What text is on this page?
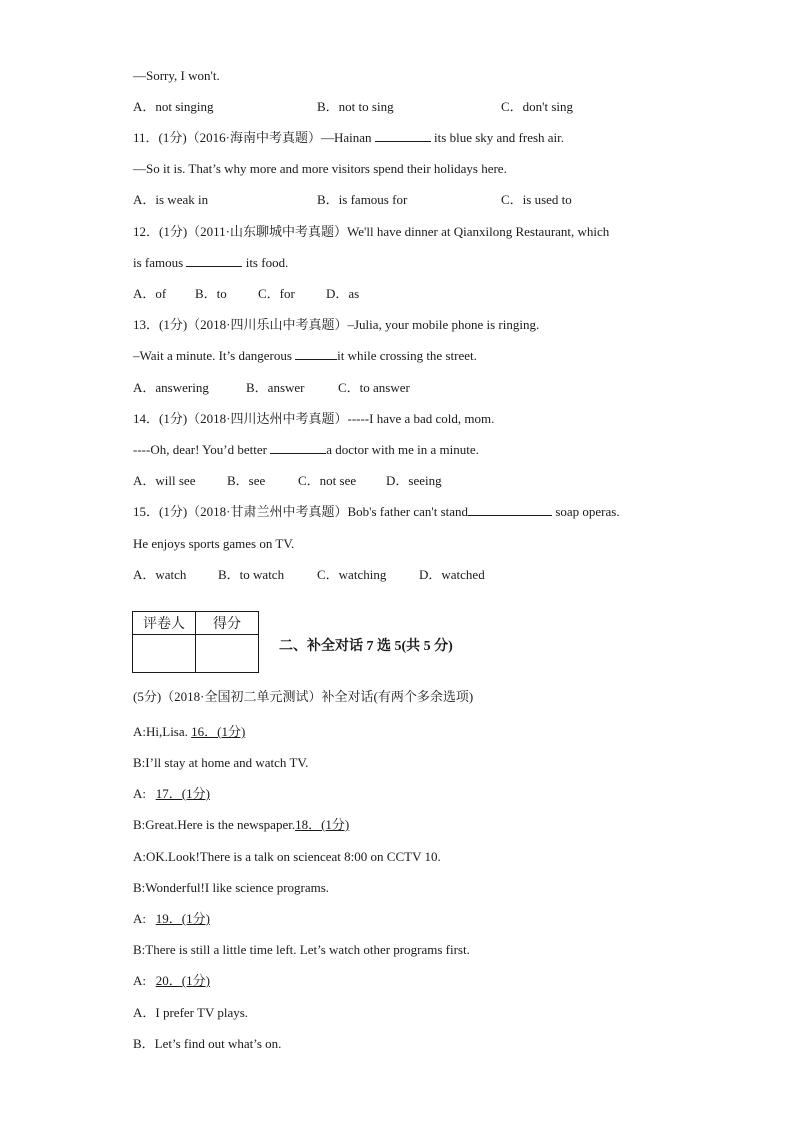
—Sorry, I won't.
A．not singing	B．not to sing	C．don't sing
11．(1分)（2016·海南中考真题）—Hainan	its blue sky and fresh air.
—So it is. That’s why more and more visitors spend their holidays here.
A．is weak in	B．is famous for	C．is used to
12．(1分)（2011·山东聊城中考真题）We'll have dinner at Qianxilong Restaurant, which
is famous	its food.
A．of B．to C．for D．as
13．(1分)（2018·四川乐山中考真题）–Julia, your mobile phone is ringing.
–Wait a minute. It’s dangerous	it while crossing the street.
A．answering	B．answer	C．to answer
14．(1分)（2018·四川达州中考真题）-----I have a bad cold, mom.
----Oh, dear! You’d better	a doctor with me in a minute.
A．will see B．see	C．not see D．seeing
15．(1分)（2018·甘肃兰州中考真题）Bob's father can't stand	soap operas.
He enjoys sports games on TV.
A．watch B．to watch	C．watching	D．watched
评卷人	得分

二、补全对话 7 选 5(共 5 分)
(5分)（2018·全国初二单元测试）补全对话(有两个多余选项)
A:Hi,Lisa. 16．(1分)
B:I’ll stay at home and watch TV.
A:   17．(1分)
B:Great.Here is the newspaper.18．(1分)
A:OK.Look!There is a talk on scienceat 8:00 on CCTV 10.
B:Wonderful!I like science programs.
A:   19．(1分)
B:There is still a little time left. Let’s watch other programs first.
A:   20．(1分)
A．I prefer TV plays.
B．Let’s find out what’s on.
